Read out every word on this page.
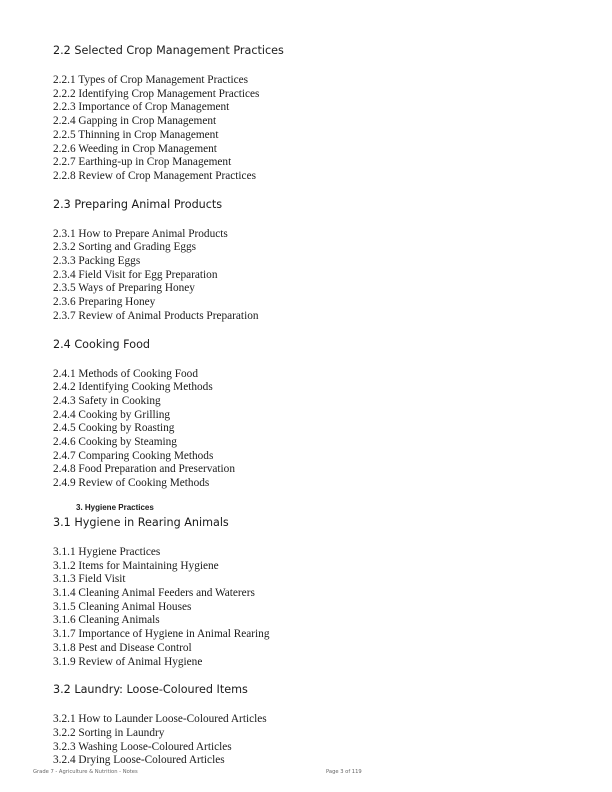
2.2 Selected Crop Management Practices

2.2.1 Types of Crop Management Practices
2.2.2 Identifying Crop Management Practices
2.2.3 Importance of Crop Management
2.2.4 Gapping in Crop Management
2.2.5 Thinning in Crop Management
2.2.6 Weeding in Crop Management
2.2.7 Earthing-up in Crop Management
2.2.8 Review of Crop Management Practices

2.3 Preparing Animal Products

2.3.1 How to Prepare Animal Products
2.3.2 Sorting and Grading Eggs
2.3.3 Packing Eggs
2.3.4 Field Visit for Egg Preparation
2.3.5 Ways of Preparing Honey
2.3.6 Preparing Honey
2.3.7 Review of Animal Products Preparation

2.4 Cooking Food

2.4.1 Methods of Cooking Food
2.4.2 Identifying Cooking Methods
2.4.3 Safety in Cooking
2.4.4 Cooking by Grilling
2.4.5 Cooking by Roasting
2.4.6 Cooking by Steaming
2.4.7 Comparing Cooking Methods
2.4.8 Food Preparation and Preservation
2.4.9 Review of Cooking Methods

3. Hygiene Practices

3.1 Hygiene in Rearing Animals

3.1.1 Hygiene Practices
3.1.2 Items for Maintaining Hygiene
3.1.3 Field Visit
3.1.4 Cleaning Animal Feeders and Waterers
3.1.5 Cleaning Animal Houses
3.1.6 Cleaning Animals
3.1.7 Importance of Hygiene in Animal Rearing
3.1.8 Pest and Disease Control
3.1.9 Review of Animal Hygiene

3.2 Laundry: Loose-Coloured Items

3.2.1 How to Launder Loose-Coloured Articles
3.2.2 Sorting in Laundry
3.2.3 Washing Loose-Coloured Articles
3.2.4 Drying Loose-Coloured Articles
Grade 7 - Agriculture & Nutrition - Notes	Page 3 of 119
